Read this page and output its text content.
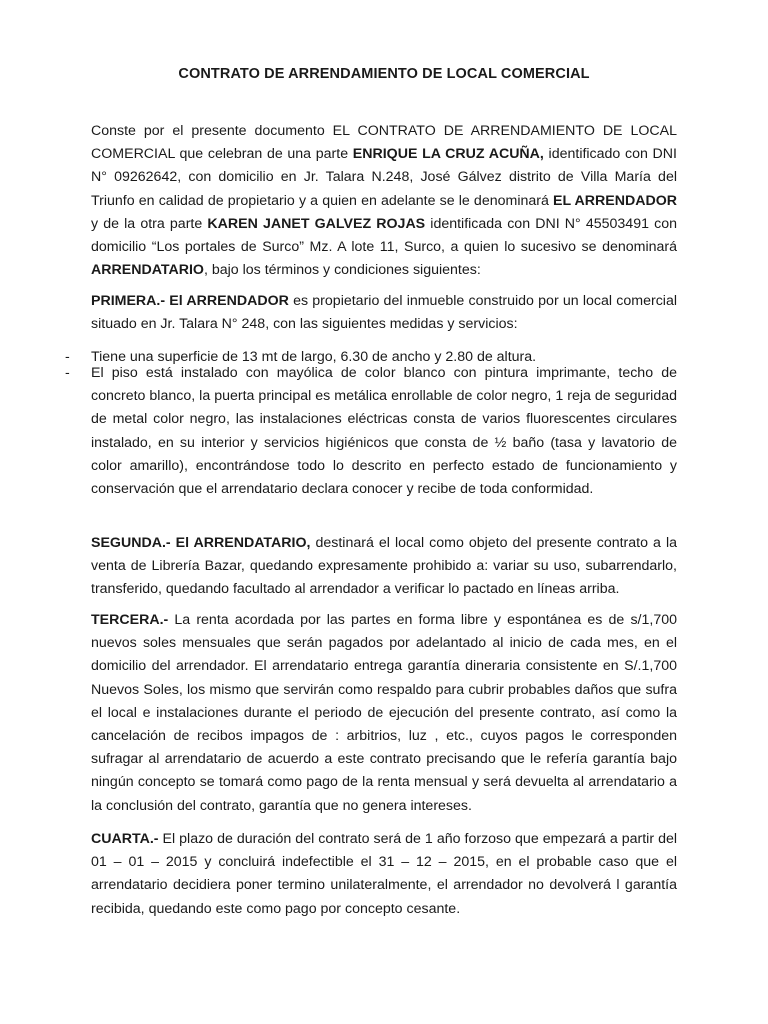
CONTRATO DE ARRENDAMIENTO DE LOCAL COMERCIAL
Conste por el presente documento EL CONTRATO DE ARRENDAMIENTO DE LOCAL COMERCIAL que celebran de una parte ENRIQUE LA CRUZ ACUÑA, identificado con DNI N° 09262642, con domicilio en Jr. Talara N.248, José Gálvez distrito de Villa María del Triunfo en calidad de propietario y a quien en adelante se le denominará EL ARRENDADOR y de la otra parte KAREN JANET GALVEZ ROJAS identificada con DNI N° 45503491 con domicilio “Los portales de Surco” Mz. A lote 11, Surco, a quien lo sucesivo se denominará ARRENDATARIO, bajo los términos y condiciones siguientes:
PRIMERA.- El ARRENDADOR es propietario del inmueble construido por un local comercial situado en Jr. Talara N° 248, con las siguientes medidas y servicios:
- Tiene una superficie de 13 mt de largo, 6.30 de ancho y 2.80 de altura.
- El piso está instalado con mayólica de color blanco con pintura imprimante, techo de concreto blanco, la puerta principal es metálica enrollable de color negro, 1 reja de seguridad de metal color negro, las instalaciones eléctricas consta de varios fluorescentes circulares instalado, en su interior y servicios higiénicos que consta de ½ baño (tasa y lavatorio de color amarillo), encontrándose todo lo descrito en perfecto estado de funcionamiento y conservación que el arrendatario declara conocer y recibe de toda conformidad.
SEGUNDA.- El ARRENDATARIO, destinará el local como objeto del presente contrato a la venta de Librería Bazar, quedando expresamente prohibido a: variar su uso, subarrendarlo, transferido, quedando facultado al arrendador a verificar lo pactado en líneas arriba.
TERCERA.- La renta acordada por las partes en forma libre y espontánea es de s/1,700 nuevos soles mensuales que serán pagados por adelantado al inicio de cada mes, en el domicilio del arrendador. El arrendatario entrega garantía dineraria consistente en S/.1,700 Nuevos Soles, los mismo que servirán como respaldo para cubrir probables daños que sufra el local e instalaciones durante el periodo de ejecución del presente contrato, así como la cancelación de recibos impagos de : arbitrios, luz , etc., cuyos pagos le corresponden sufragar al arrendatario de acuerdo a este contrato precisando que le refería garantía bajo ningún concepto se tomará como pago de la renta mensual y será devuelta al arrendatario a la conclusión del contrato, garantía que no genera intereses.
CUARTA.- El plazo de duración del contrato será de 1 año forzoso que empezará a partir del 01 – 01 – 2015 y concluirá indefectible el 31 – 12 – 2015, en el probable caso que el arrendatario decidiera poner termino unilateralmente, el arrendador no devolverá l garantía recibida, quedando este como pago por concepto cesante.
